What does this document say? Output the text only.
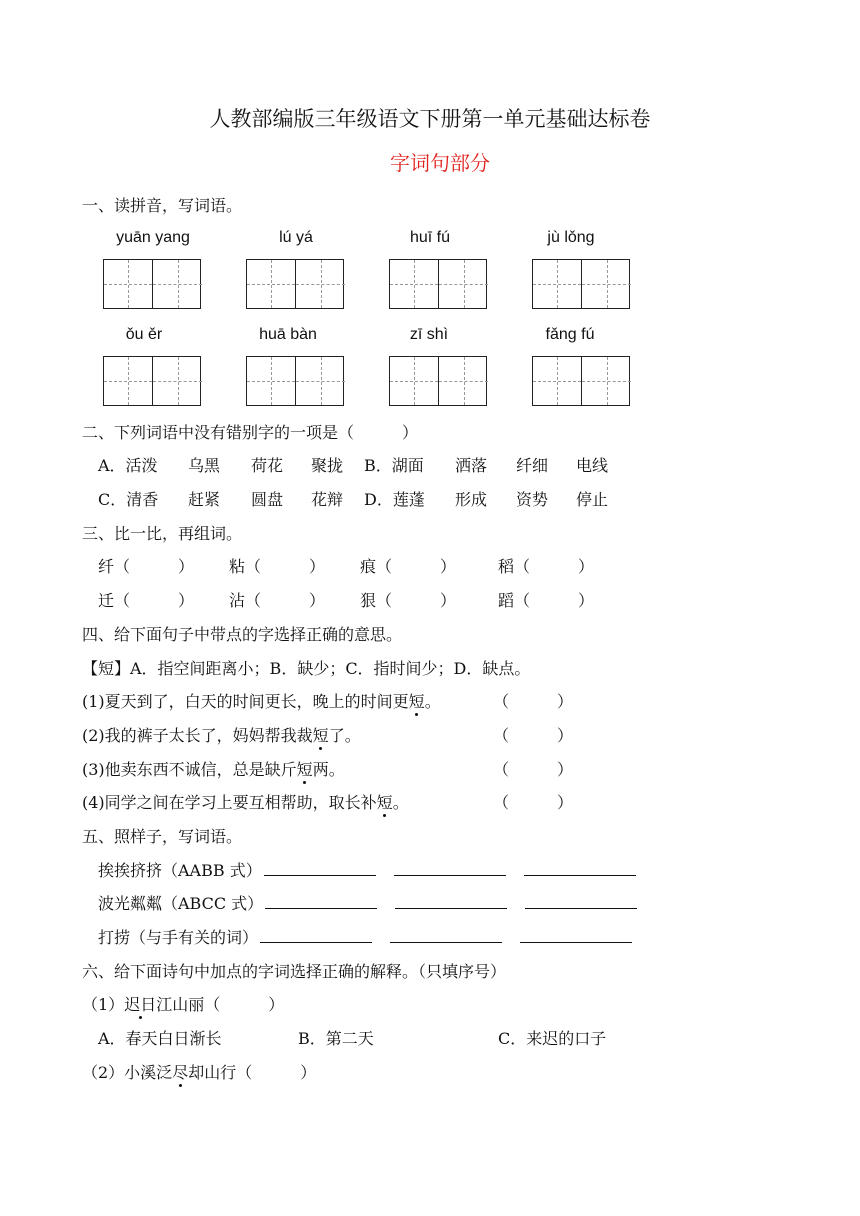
人教部编版三年级语文下册第一单元基础达标卷
字词句部分
一、读拼音，写词语。
yuān yang	lú yá	huī fú	jù lǒng
ǒu ěr	huā bàn	zī shì	fǎng fú
二、下列词语中没有错别字的一项是（　　　）
A．活泼 乌黑 荷花 聚拢 B．湖面 洒落 纤细 电线
C．清香 赶紧 圆盘 花辩 D．莲蓬 形成 资势 停止
三、比一比，再组词。
纤（　　　） 粘（　　　） 痕（　　　）	稻（　　　）
迁（　　　） 沾（　　　） 狠（　　　）	蹈（　　　）
四、给下面句子中带点的字选择正确的意思。
【短】A．指空间距离小；B．缺少；C．指时间少；D．缺点。
(1)夏天到了，白天的时间更长，晚上的时间更短。	（　　　）
(2)我的裤子太长了，妈妈帮我裁短了。	（　　　）
(3)他卖东西不诚信，总是缺斤短两。	（　　　）
(4)同学之间在学习上要互相帮助，取长补短。	（　　　）
五、照样子，写词语。
挨挨挤挤（AABB 式）
波光粼粼（ABCC 式）
打捞（与手有关的词）
六、给下面诗句中加点的字词选择正确的解释。（只填序号）
（1）迟日江山丽（　　　）
A．春天白日渐长	B．第二天	C．来迟的口子
（2）小溪泛尽却山行（　　　）
